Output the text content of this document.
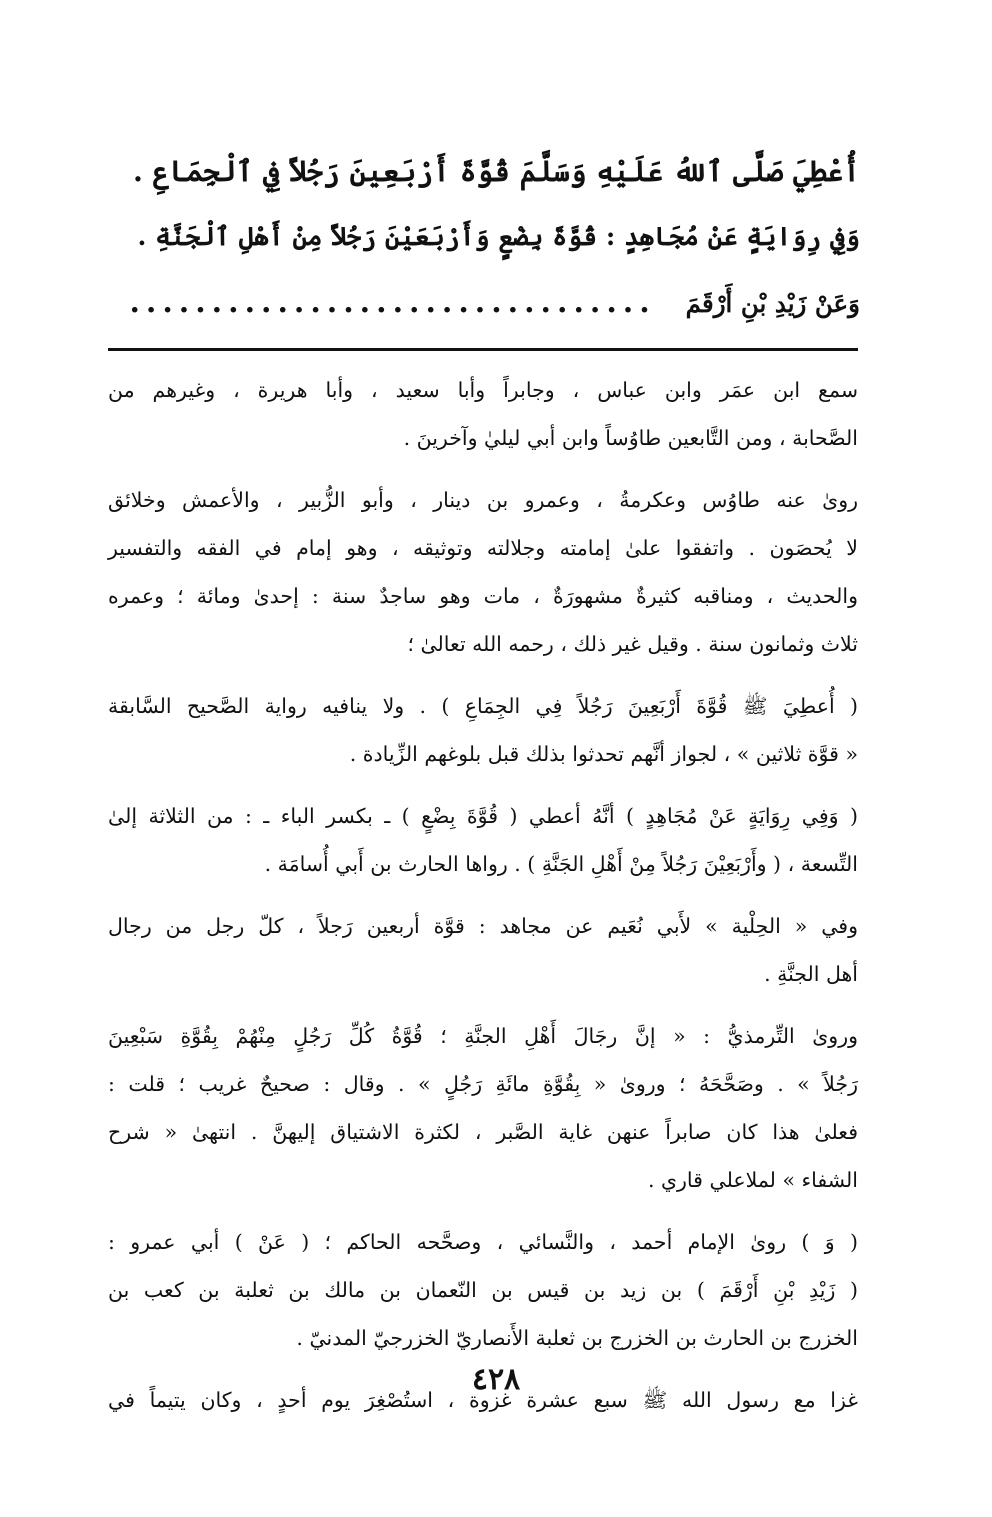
أُعْطِيَ صَلَّى ٱللهُ عَلَيْهِ وَسَلَّمَ قُوَّةَ أَرْبَعِينَ رَجُلاً فِي ٱلْجِمَاعِ .
وَفِي رِوَايَةٍ عَنْ مُجَاهِدٍ : قُوَّةَ بِضْعٍ وَأَرْبَعَيْنَ رَجُلاً مِنْ أَهْلِ ٱلْجَنَّةِ .
وَعَنْ زَيْدِ بْنِ أَرْقَمَ................................
سمع ابن عمَر وابن عباس ، وجابراً وأبا سعيد ، وأبا هريرة ، وغيرهم من
الصَّحابة ، ومن التَّابعين طاوُساً وابن أبي ليليٰ وآخرينَ .
رویٰ عنه طاوُس وعكرمةُ ، وعمرو بن دينار ، وأبو الزُّبير ، والأعمش وخلائق
لا يُحصَون . واتفقوا علیٰ إمامته وجلالته وتوثيقه ، وهو إمام في الفقه والتفسير
والحديث ، ومناقبه كثيرةٌ مشهورَةٌ ، مات وهو ساجدٌ سنة : إحدیٰ ومائة ؛ وعمره
ثلاث وثمانون سنة . وقيل غير ذلك ، رحمه الله تعالیٰ ؛
( أُعطِيَ ﷺ قُوَّةَ أَرْبَعِينَ رَجُلاً فِي الجِمَاعِ ) . ولا ينافيه رواية الصَّحيح السَّابقة
« قوَّة ثلاثين » ، لجواز أنَّهم تحدثوا بذلك قبل بلوغهم الزِّيادة .
( وَفِي رِوَايَةٍ عَنْ مُجَاهِدٍ ) أنَّهُ أعطي ( قُوَّةَ بِضْعٍ ) ـ بكسر الباء ـ : من الثلاثة إلیٰ
التِّسعة ، ( وأَرْبَعِيْنَ رَجُلاً مِنْ أَهْلِ الجَنَّةِ ) . رواها الحارث بن أَبي أُسامَة .
وفي « الحِلْية » لأَبي نُعَيم عن مجاهد : قوَّة أربعين رَجلاً ، كلّ رجل من رجال
أهل الجنَّةِ .
وروىٰ التِّرمذيُّ : « إنَّ رجَالَ أَهْلِ الجنَّةِ ؛ قُوَّةُ كُلِّ رَجُلٍ مِنْهُمْ بِقُوَّةِ سَبْعِينَ
رَجُلاً » . وصَحَّحَهُ ؛ وروىٰ « بِقُوَّةِ مائَةِ رَجُلٍ » . وقال : صحيحٌ غريب ؛ قلت :
فعلیٰ هذا كان صابراً عنهن غاية الصَّبر ، لكثرة الاشتياق إليهنَّ . انتهیٰ « شرح
الشفاء » لملاعلي قاري .
( وَ ) رویٰ الإمام أحمد ، والنَّسائي ، وصحَّحه الحاكم ؛ ( عَنْ ) أبي عمرو :
( زَيْدِ بْنِ أَرْقَمَ ) بن زيد بن قيس بن النّعمان بن مالك بن ثعلبة بن كعب بن
الخزرج بن الحارث بن الخزرج بن ثعلبة الأَنصاريّ الخزرجيّ المدنيّ .
غزا مع رسول الله ﷺ سبع عشرة غزوة ، استُصْغِرَ يوم أحدٍ ، وكان يتيماً في
٤٢٨
